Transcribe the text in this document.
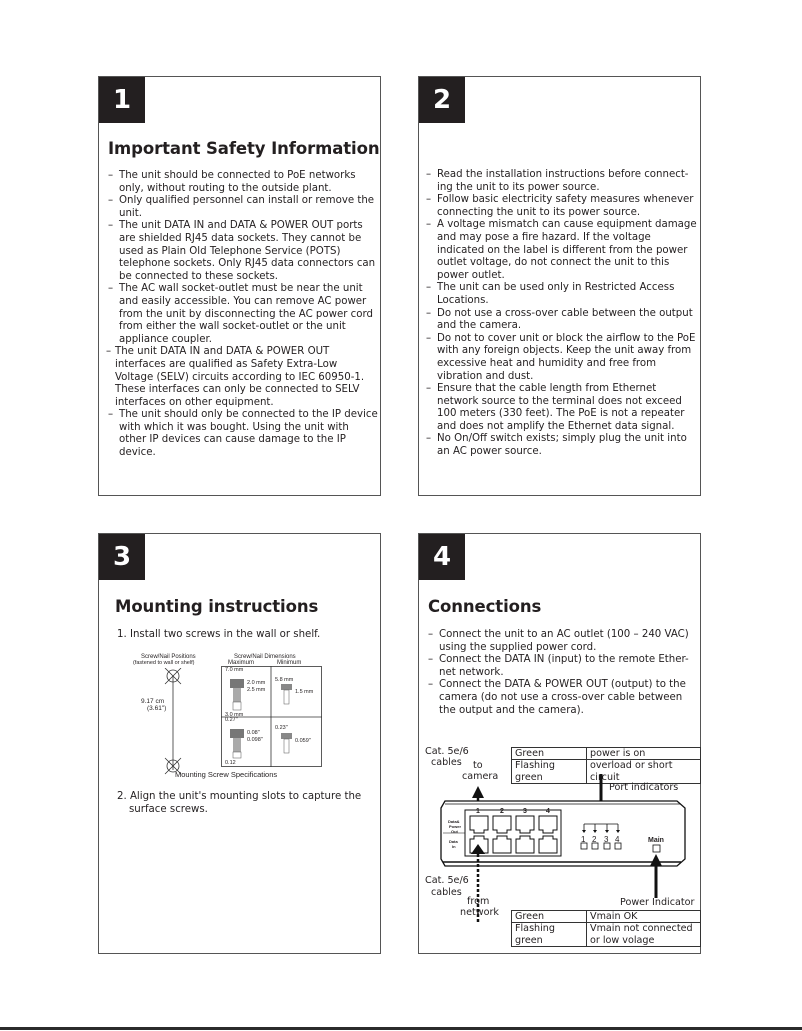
1
Important Safety Information
– The unit should be connected to PoE networks only, without routing to the outside plant.
– Only qualified personnel can install or remove the unit.
– The unit DATA IN and DATA & POWER OUT ports are shielded RJ45 data sockets. They cannot be used as Plain Old Telephone Service (POTS) telephone sockets. Only RJ45 data connectors can be connected to these sockets.
– The AC wall socket-outlet must be near the unit and easily accessible. You can remove AC power from the unit by disconnecting the AC power cord from either the wall socket-outlet or the unit appliance coupler.
– The unit DATA IN and DATA & POWER OUT interfaces are qualified as Safety Extra-Low Voltage (SELV) circuits according to IEC 60950-1. These interfaces can only be connected to SELV interfaces on other equipment.
– The unit should only be connected to the IP device with which it was bought. Using the unit with other IP devices can cause damage to the IP device.
2
– Read the installation instructions before connect-ing the unit to its power source.
– Follow basic electricity safety measures whenever connecting the unit to its power source.
– A voltage mismatch can cause equipment damage and may pose a fire hazard. If the voltage indicated on the label is different from the power outlet voltage, do not connect the unit to this power outlet.
– The unit can be used only in Restricted Access Locations.
– Do not use a cross-over cable between the output and the camera.
– Do not to cover unit or block the airflow to the PoE with any foreign objects. Keep the unit away from excessive heat and humidity and free from vibration and dust.
– Ensure that the cable length from Ethernet network source to the terminal does not exceed 100 meters (330 feet). The PoE is not a repeater and does not amplify the Ethernet data signal.
– No On/Off switch exists; simply plug the unit into an AC power source.
3
Mounting instructions
1. Install two screws in the wall or shelf.
Screw/Nail Positions
(fastened to wall or shelf)
9.17 cm
(3.61")
Screw/Nail Dimensions
Maximum	Minimum
7.0 mm
2.0 mm
2.5 mm
3.0 mm
5.8 mm
1.5 mm
0.27"
0.08"
0.098"
0.12
0.23"
0.059"
Mounting Screw Specifications
2. Align the unit's mounting slots to capture the surface screws.
4
Connections
– Connect the unit to an AC outlet (100 – 240 VAC) using the supplied power cord.
– Connect the DATA IN (input) to the remote Ether-net network.
– Connect the DATA & POWER OUT (output) to the camera (do not use a cross-over cable between the output and the camera).
Cat. 5e/6
cables to
camera
Green	power is on
Flashing green	overload or short circuit
Port indicators
1	2	3	4
Data&
Power
Out
Data
In
1 2 3 4	Main
Cat. 5e/6
cables
from
network
Power Indicator
Green	Vmain OK
Flashing green	Vmain not connected or low volage
